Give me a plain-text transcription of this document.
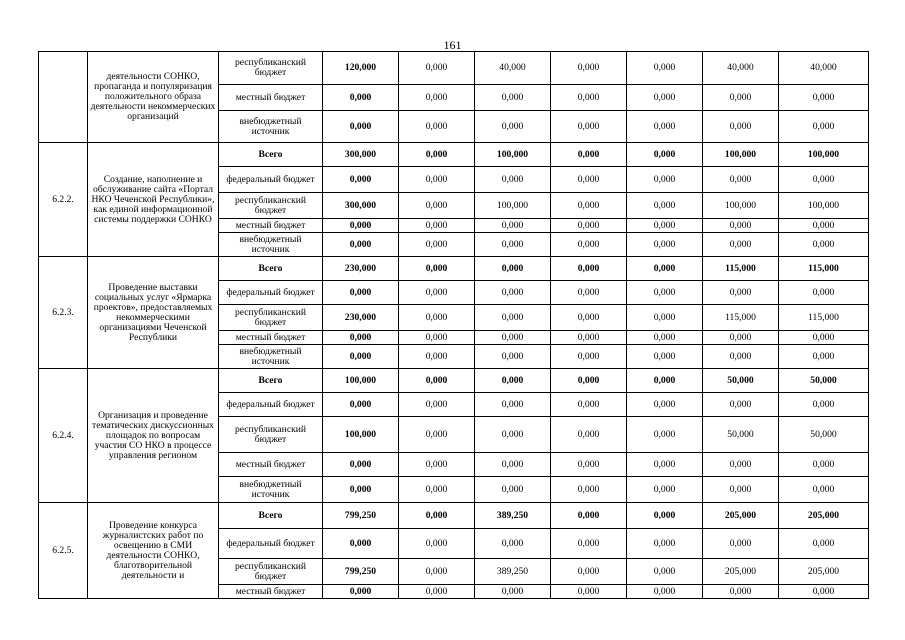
161
	деятельности СОНКО, пропаганда и популяризация положительного образа деятельности некоммерческих организаций	республиканский бюджет	120,000	0,000	40,000	0,000	0,000	40,000	40,000
		местный бюджет	0,000	0,000	0,000	0,000	0,000	0,000	0,000
		внебюджетный источник	0,000	0,000	0,000	0,000	0,000	0,000	0,000
6.2.2.	Создание, наполнение и обслуживание сайта «Портал НКО Чеченской Республики», как единой информационной системы поддержки СОНКО	Всего	300,000	0,000	100,000	0,000	0,000	100,000	100,000
		федеральный бюджет	0,000	0,000	0,000	0,000	0,000	0,000	0,000
		республиканский бюджет	300,000	0,000	100,000	0,000	0,000	100,000	100,000
		местный бюджет	0,000	0,000	0,000	0,000	0,000	0,000	0,000
		внебюджетный источник	0,000	0,000	0,000	0,000	0,000	0,000	0,000
6.2.3.	Проведение выставки социальных услуг «Ярмарка проектов», предоставляемых некоммерческими организациями Чеченской Республики	Всего	230,000	0,000	0,000	0,000	0,000	115,000	115,000
		федеральный бюджет	0,000	0,000	0,000	0,000	0,000	0,000	0,000
		республиканский бюджет	230,000	0,000	0,000	0,000	0,000	115,000	115,000
		местный бюджет	0,000	0,000	0,000	0,000	0,000	0,000	0,000
		внебюджетный источник	0,000	0,000	0,000	0,000	0,000	0,000	0,000
6.2.4.	Организация и проведение тематических дискуссионных площадок по вопросам участия СО НКО в процессе управления регионом	Всего	100,000	0,000	0,000	0,000	0,000	50,000	50,000
		федеральный бюджет	0,000	0,000	0,000	0,000	0,000	0,000	0,000
		республиканский бюджет	100,000	0,000	0,000	0,000	0,000	50,000	50,000
		местный бюджет	0,000	0,000	0,000	0,000	0,000	0,000	0,000
		внебюджетный источник	0,000	0,000	0,000	0,000	0,000	0,000	0,000
6.2.5.	Проведение конкурса журналистских работ по освещению в СМИ деятельности СОНКО, благотворительной деятельности и	Всего	799,250	0,000	389,250	0,000	0,000	205,000	205,000
		федеральный бюджет	0,000	0,000	0,000	0,000	0,000	0,000	0,000
		республиканский бюджет	799,250	0,000	389,250	0,000	0,000	205,000	205,000
		местный бюджет	0,000	0,000	0,000	0,000	0,000	0,000	0,000
